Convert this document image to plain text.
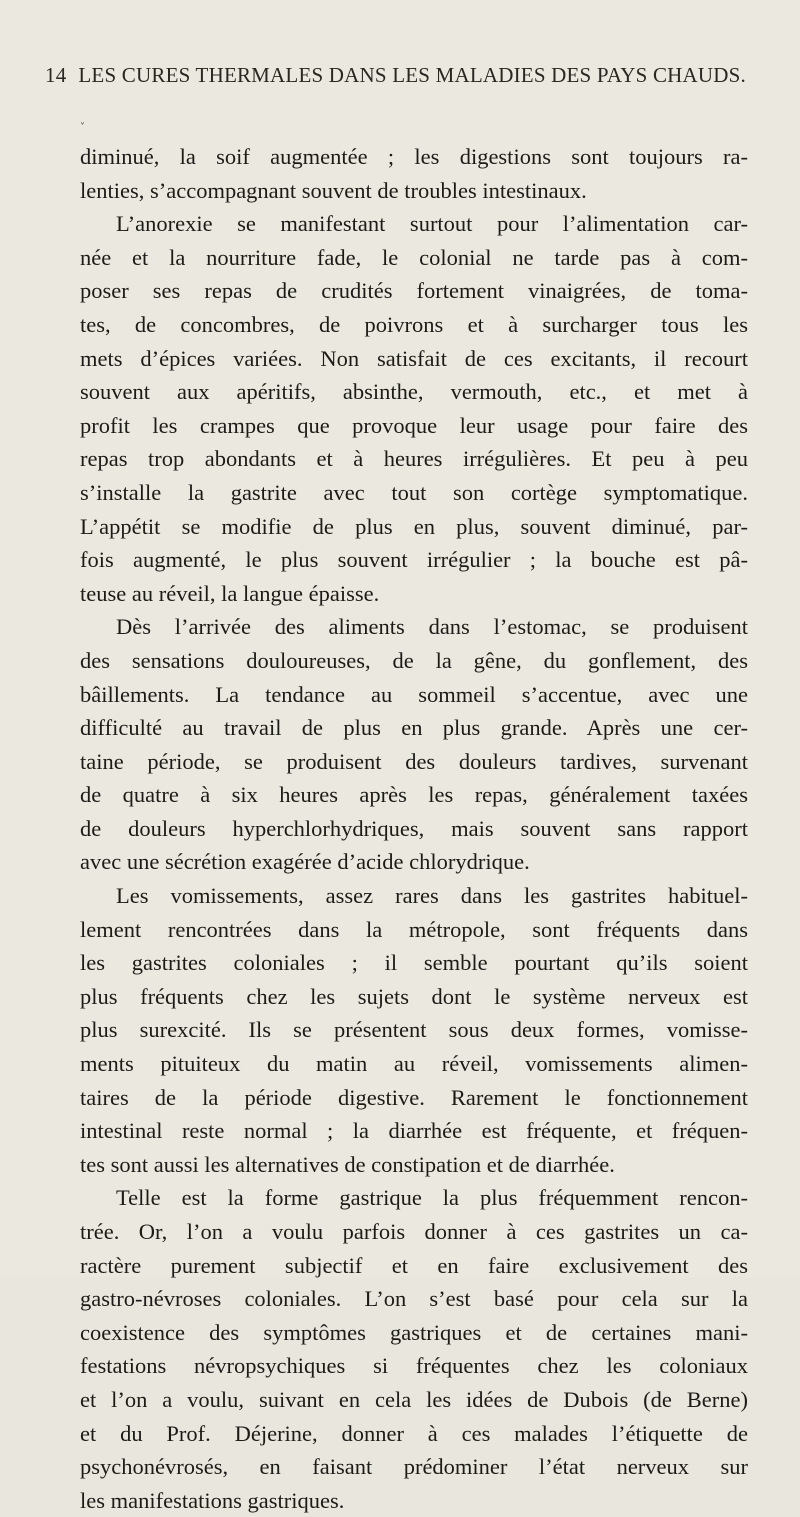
14 LES CURES THERMALES DANS LES MALADIES DES PAYS CHAUDS.
˅
diminué, la soif augmentée ; les digestions sont toujours ra-
lenties, s’accompagnant souvent de troubles intestinaux.
L’anorexie se manifestant surtout pour l’alimentation car-
née et la nourriture fade, le colonial ne tarde pas à com-
poser ses repas de crudités fortement vinaigrées, de toma-
tes, de concombres, de poivrons et à surcharger tous les
mets d’épices variées. Non satisfait de ces excitants, il recourt
souvent aux apéritifs, absinthe, vermouth, etc., et met à
profit les crampes que provoque leur usage pour faire des
repas trop abondants et à heures irrégulières. Et peu à peu
s’installe la gastrite avec tout son cortège symptomatique.
L’appétit se modifie de plus en plus, souvent diminué, par-
fois augmenté, le plus souvent irrégulier ; la bouche est pâ-
teuse au réveil, la langue épaisse.
Dès l’arrivée des aliments dans l’estomac, se produisent
des sensations douloureuses, de la gêne, du gonflement, des
bâillements. La tendance au sommeil s’accentue, avec une
difficulté au travail de plus en plus grande. Après une cer-
taine période, se produisent des douleurs tardives, survenant
de quatre à six heures après les repas, généralement taxées
de douleurs hyperchlorhydriques, mais souvent sans rapport
avec une sécrétion exagérée d’acide chlorydrique.
Les vomissements, assez rares dans les gastrites habituel-
lement rencontrées dans la métropole, sont fréquents dans
les gastrites coloniales ; il semble pourtant qu’ils soient
plus fréquents chez les sujets dont le système nerveux est
plus surexcité. Ils se présentent sous deux formes, vomisse-
ments pituiteux du matin au réveil, vomissements alimen-
taires de la période digestive. Rarement le fonctionnement
intestinal reste normal ; la diarrhée est fréquente, et fréquen-
tes sont aussi les alternatives de constipation et de diarrhée.
Telle est la forme gastrique la plus fréquemment rencon-
trée. Or, l’on a voulu parfois donner à ces gastrites un ca-
ractère purement subjectif et en faire exclusivement des
gastro-névroses coloniales. L’on s’est basé pour cela sur la
coexistence des symptômes gastriques et de certaines mani-
festations névropsychiques si fréquentes chez les coloniaux
et l’on a voulu, suivant en cela les idées de Dubois (de Berne)
et du Prof. Déjerine, donner à ces malades l’étiquette de
psychonévrosés, en faisant prédominer l’état nerveux sur
les manifestations gastriques.
